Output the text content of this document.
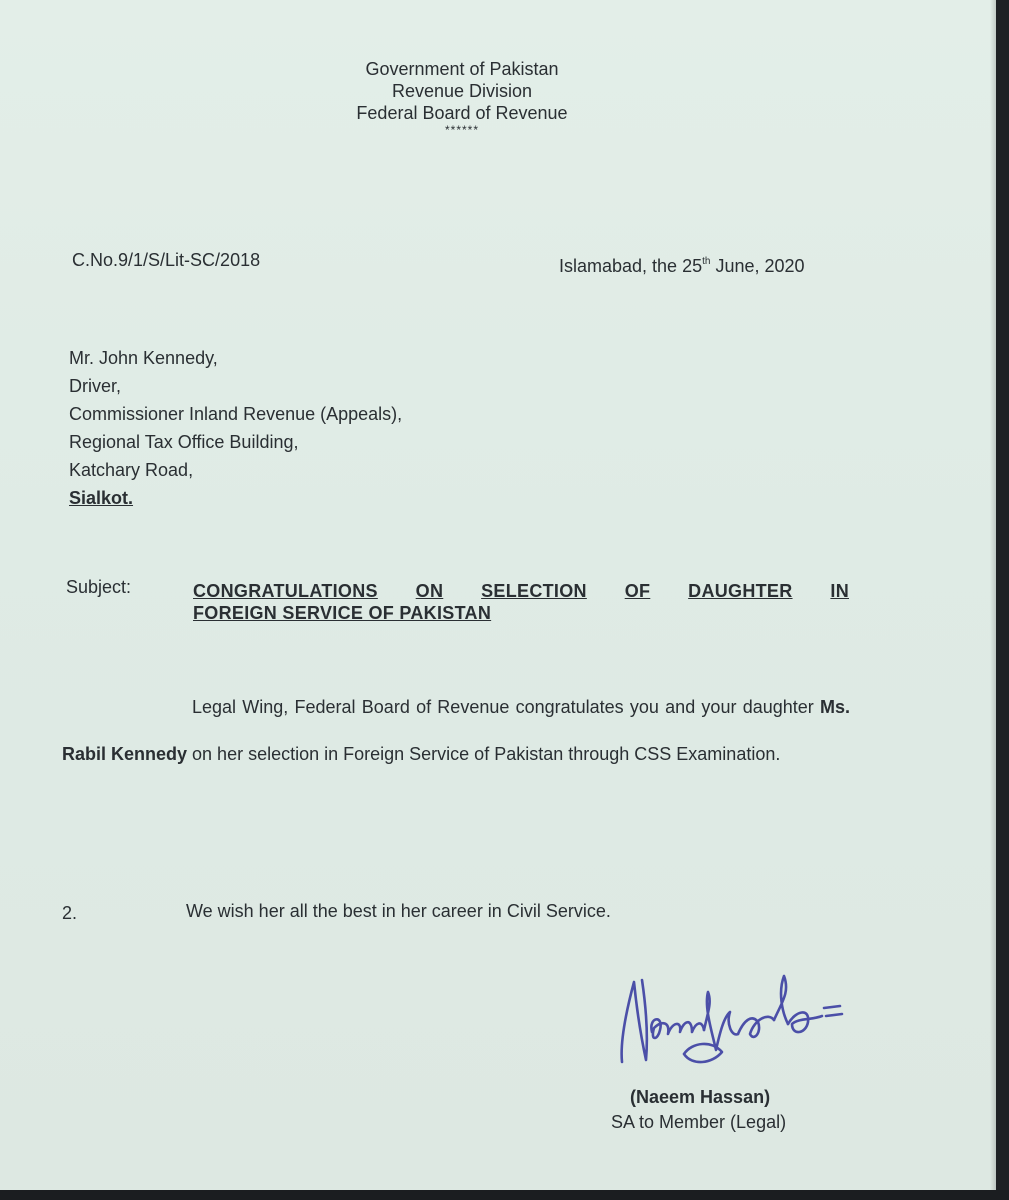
Government of Pakistan
Revenue Division
Federal Board of Revenue
******
C.No.9/1/S/Lit-SC/2018	Islamabad, the 25th June, 2020
Mr. John Kennedy,
Driver,
Commissioner Inland Revenue (Appeals),
Regional Tax Office Building,
Katchary Road,
Sialkot.
Subject:	CONGRATULATIONS ON SELECTION OF DAUGHTER IN
FOREIGN SERVICE OF PAKISTAN
Legal Wing, Federal Board of Revenue congratulates you and your daughter Ms. Rabil Kennedy on her selection in Foreign Service of Pakistan through CSS Examination.
2.	We wish her all the best in her career in Civil Service.
(Naeem Hassan)
SA to Member (Legal)
